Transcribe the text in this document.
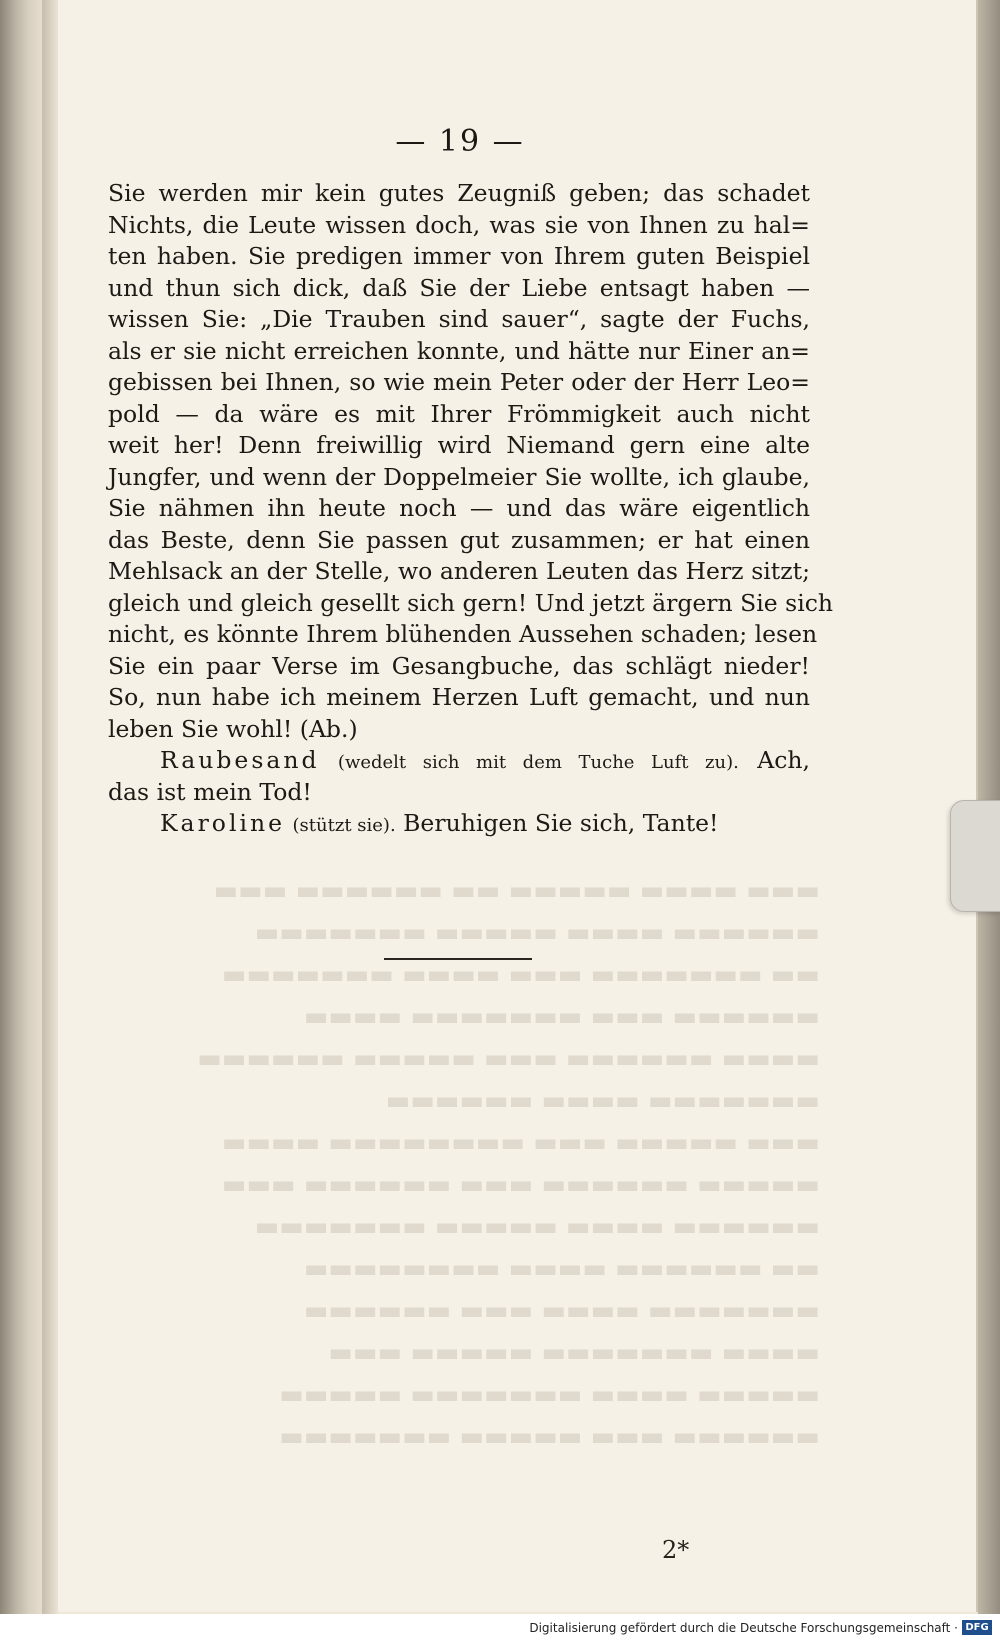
▬▬▬ ▬▬▬▬ ▬▬▬▬▬ ▬▬ ▬▬▬▬▬▬ ▬▬▬
▬▬▬▬▬▬ ▬▬▬▬ ▬▬▬▬▬ ▬▬▬▬▬▬▬
▬▬ ▬▬▬▬▬▬▬ ▬▬▬ ▬▬▬▬ ▬▬▬▬▬▬▬
▬▬▬▬▬▬ ▬▬▬ ▬▬▬▬▬▬▬ ▬▬▬▬
▬▬▬▬ ▬▬▬▬▬▬ ▬▬▬ ▬▬▬▬▬ ▬▬▬▬▬▬
▬▬▬▬▬▬▬ ▬▬▬▬ ▬▬▬▬▬▬
▬▬▬ ▬▬▬▬▬ ▬▬▬ ▬▬▬▬▬▬▬▬ ▬▬▬▬
▬▬▬▬▬ ▬▬▬▬▬▬ ▬▬▬ ▬▬▬▬▬▬ ▬▬▬
▬▬▬▬▬▬ ▬▬▬▬ ▬▬▬▬▬ ▬▬▬▬▬▬▬
▬▬ ▬▬▬▬▬▬ ▬▬▬▬ ▬▬▬▬▬▬▬▬
▬▬▬▬▬▬▬ ▬▬▬▬ ▬▬▬ ▬▬▬▬▬▬
▬▬▬▬ ▬▬▬▬▬▬▬ ▬▬▬▬▬ ▬▬▬
▬▬▬▬▬ ▬▬▬▬ ▬▬▬▬▬▬▬ ▬▬▬▬▬
▬▬▬▬▬▬ ▬▬▬ ▬▬▬▬▬ ▬▬▬▬▬▬▬
— 19 —
Sie werden mir kein gutes Zeugniß geben; das schadet
Nichts, die Leute wissen doch, was sie von Ihnen zu hal=
ten haben. Sie predigen immer von Ihrem guten Beispiel
und thun sich dick, daß Sie der Liebe entsagt haben —
wissen Sie: „Die Trauben sind sauer“, sagte der Fuchs,
als er sie nicht erreichen konnte, und hätte nur Einer an=
gebissen bei Ihnen, so wie mein Peter oder der Herr Leo=
pold — da wäre es mit Ihrer Frömmigkeit auch nicht
weit her! Denn freiwillig wird Niemand gern eine alte
Jungfer, und wenn der Doppelmeier Sie wollte, ich glaube,
Sie nähmen ihn heute noch — und das wäre eigentlich
das Beste, denn Sie passen gut zusammen; er hat einen
Mehlsack an der Stelle, wo anderen Leuten das Herz sitzt;
gleich und gleich gesellt sich gern! Und jetzt ärgern Sie sich
nicht, es könnte Ihrem blühenden Aussehen schaden; lesen
Sie ein paar Verse im Gesangbuche, das schlägt nieder!
So, nun habe ich meinem Herzen Luft gemacht, und nun
leben Sie wohl! (Ab.)
Raubesand (wedelt sich mit dem Tuche Luft zu). Ach,
das ist mein Tod!
Karoline (stützt sie). Beruhigen Sie sich, Tante!
2*
Digitalisierung gefördert durch die Deutsche Forschungsgemeinschaft · DFG
